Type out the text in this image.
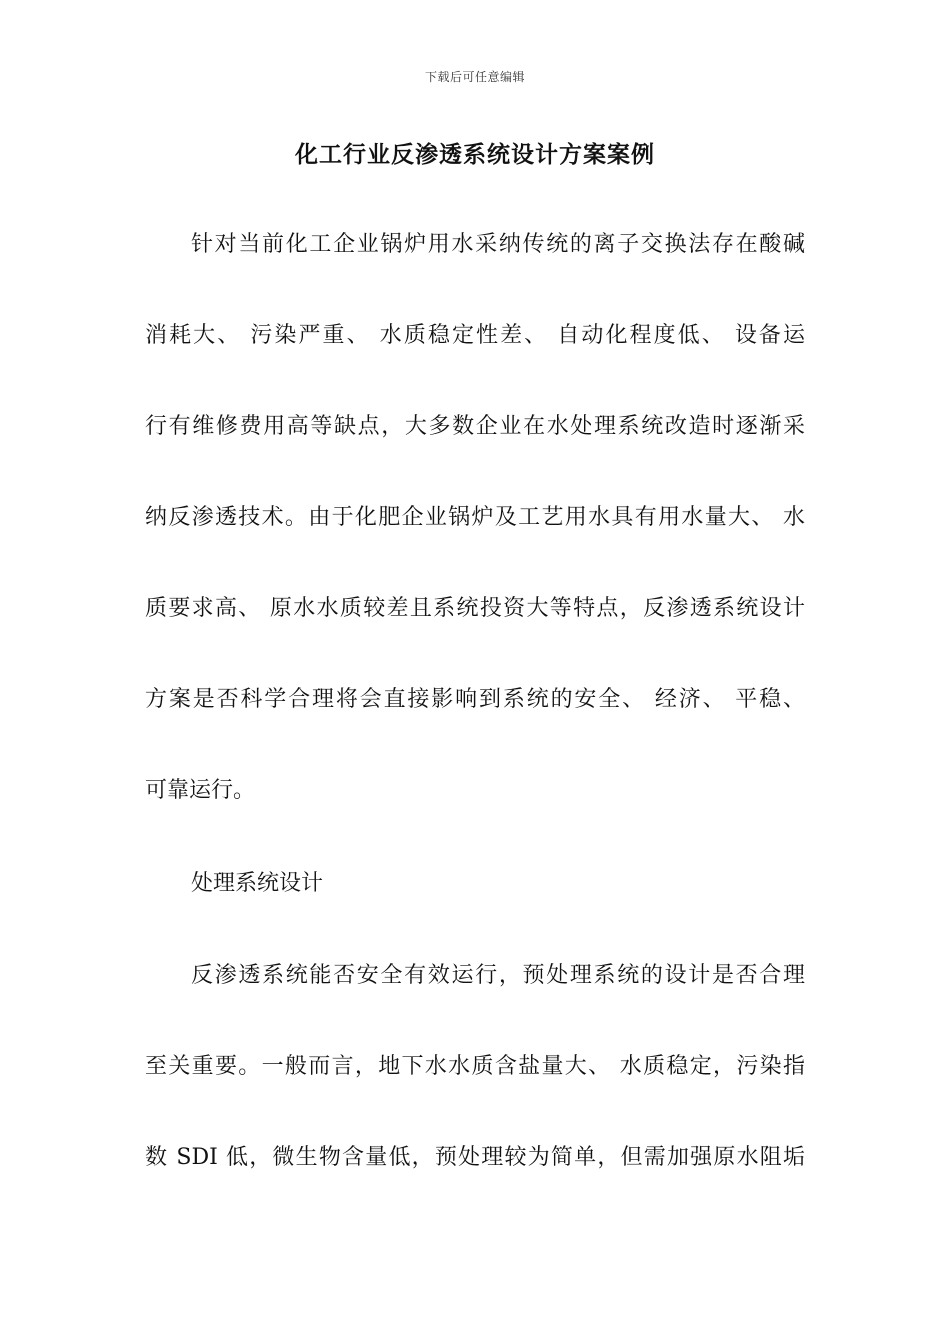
下载后可任意编辑
化工行业反渗透系统设计方案案例
针对当前化工企业锅炉用水采纳传统的离子交换法存在酸碱
消耗大、 污染严重、 水质稳定性差、 自动化程度低、 设备运
行有维修费用高等缺点，大多数企业在水处理系统改造时逐渐采
纳反渗透技术。由于化肥企业锅炉及工艺用水具有用水量大、 水
质要求高、 原水水质较差且系统投资大等特点，反渗透系统设计
方案是否科学合理将会直接影响到系统的安全、 经济、 平稳、
可靠运行。
处理系统设计
反渗透系统能否安全有效运行，预处理系统的设计是否合理
至关重要。一般而言，地下水水质含盐量大、 水质稳定，污染指
数 SDI 低，微生物含量低，预处理较为简单，但需加强原水阻垢
